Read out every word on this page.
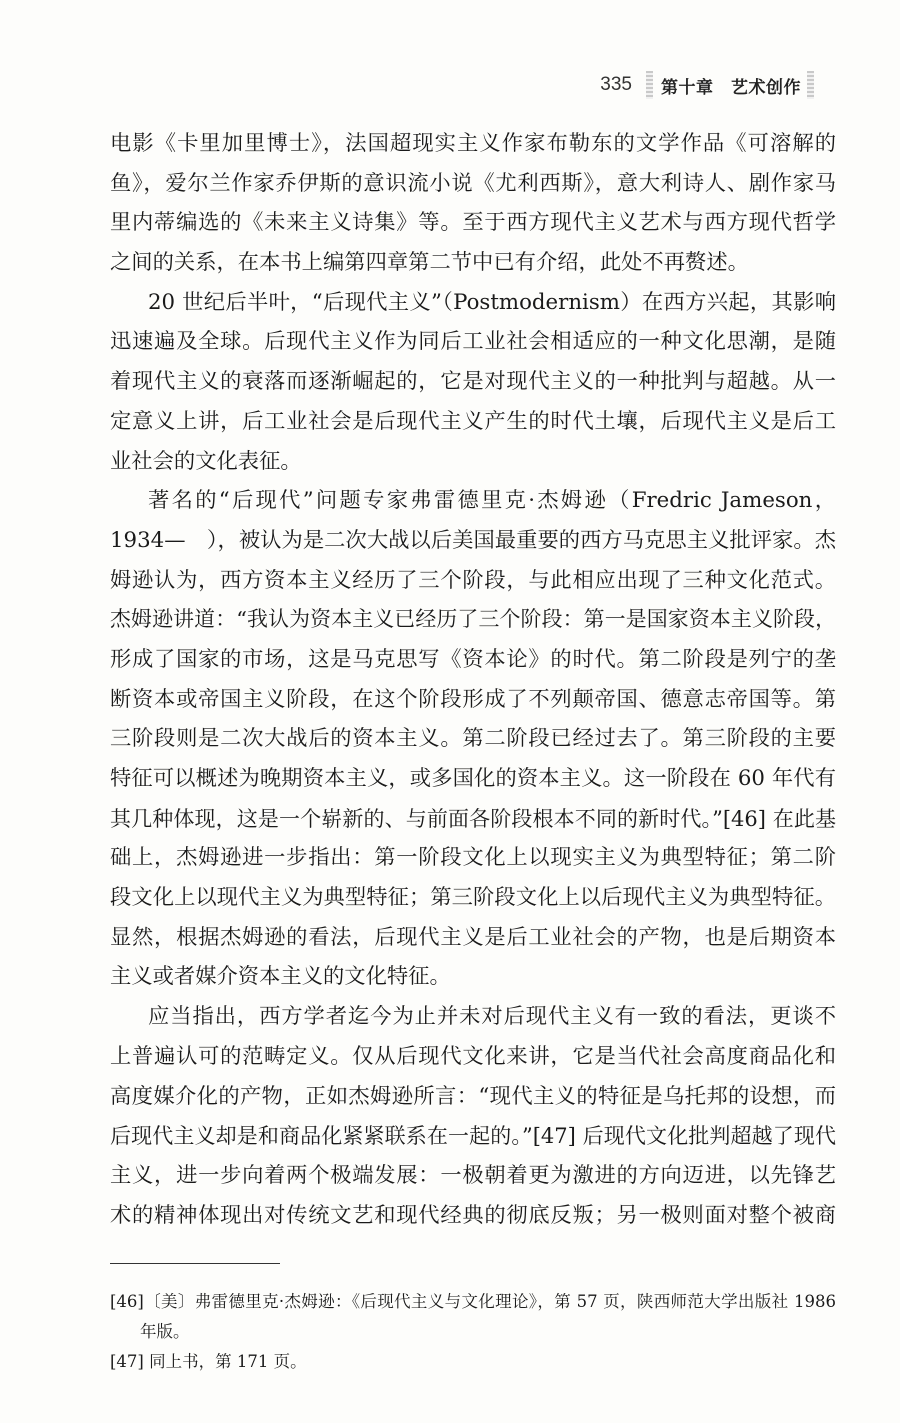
335 第十章　艺术创作
电影《卡里加里博士》，法国超现实主义作家布勒东的文学作品《可溶解的
鱼》，爱尔兰作家乔伊斯的意识流小说《尤利西斯》，意大利诗人、剧作家马
里内蒂编选的《未来主义诗集》等。至于西方现代主义艺术与西方现代哲学
之间的关系，在本书上编第四章第二节中已有介绍，此处不再赘述。
20 世纪后半叶，“后现代主义”（Postmodernism）在西方兴起，其影响
迅速遍及全球。后现代主义作为同后工业社会相适应的一种文化思潮，是随
着现代主义的衰落而逐渐崛起的，它是对现代主义的一种批判与超越。从一
定意义上讲，后工业社会是后现代主义产生的时代土壤，后现代主义是后工
业社会的文化表征。
著名的“后现代”问题专家弗雷德里克·杰姆逊（Fredric Jameson，
1934—　），被认为是二次大战以后美国最重要的西方马克思主义批评家。杰
姆逊认为，西方资本主义经历了三个阶段，与此相应出现了三种文化范式。
杰姆逊讲道：“我认为资本主义已经历了三个阶段：第一是国家资本主义阶段，
形成了国家的市场，这是马克思写《资本论》的时代。第二阶段是列宁的垄
断资本或帝国主义阶段，在这个阶段形成了不列颠帝国、德意志帝国等。第
三阶段则是二次大战后的资本主义。第二阶段已经过去了。第三阶段的主要
特征可以概述为晚期资本主义，或多国化的资本主义。这一阶段在 60 年代有
其几种体现，这是一个崭新的、与前面各阶段根本不同的新时代。”[46] 在此基
础上，杰姆逊进一步指出：第一阶段文化上以现实主义为典型特征；第二阶
段文化上以现代主义为典型特征；第三阶段文化上以后现代主义为典型特征。
显然，根据杰姆逊的看法，后现代主义是后工业社会的产物，也是后期资本
主义或者媒介资本主义的文化特征。
应当指出，西方学者迄今为止并未对后现代主义有一致的看法，更谈不
上普遍认可的范畴定义。仅从后现代文化来讲，它是当代社会高度商品化和
高度媒介化的产物，正如杰姆逊所言：“现代主义的特征是乌托邦的设想，而
后现代主义却是和商品化紧紧联系在一起的。”[47] 后现代文化批判超越了现代
主义，进一步向着两个极端发展：一极朝着更为激进的方向迈进，以先锋艺
术的精神体现出对传统文艺和现代经典的彻底反叛；另一极则面对整个被商
[46]〔美〕弗雷德里克·杰姆逊：《后现代主义与文化理论》，第 57 页，陕西师范大学出版社 1986
年版。
[47] 同上书，第 171 页。
